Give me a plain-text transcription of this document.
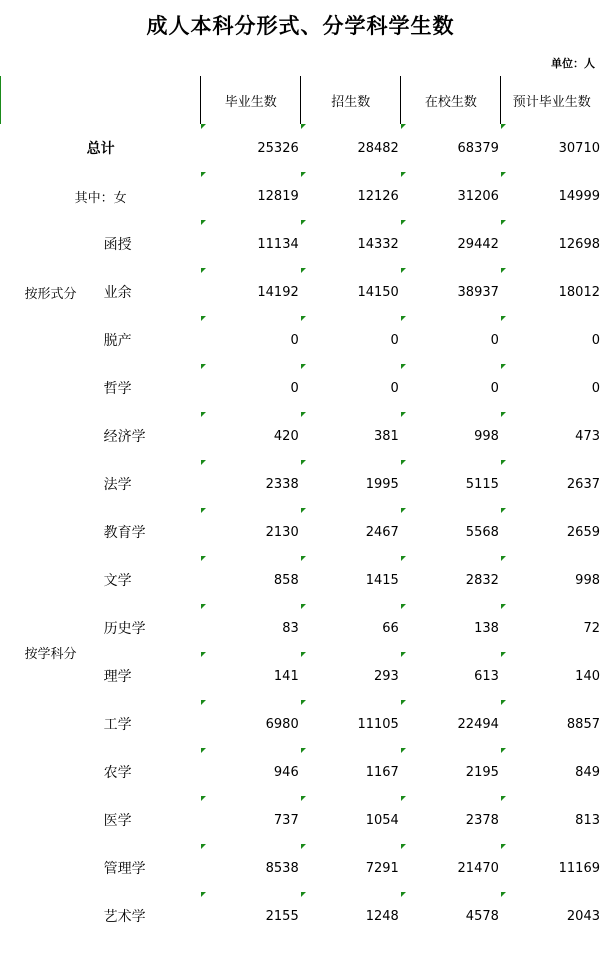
成人本科分形式、分学科学生数
单位：人
		毕业生数	招生数	在校生数	预计毕业生数
总计		25326	28482	68379	30710
其中：女		12819	12126	31206	14999
按形式分	函授	11134	14332	29442	12698
	业余	14192	14150	38937	18012
	脱产	0	0	0	0
按学科分	哲学	0	0	0	0
	经济学	420	381	998	473
	法学	2338	1995	5115	2637
	教育学	2130	2467	5568	2659
	文学	858	1415	2832	998
	历史学	83	66	138	72
	理学	141	293	613	140
	工学	6980	11105	22494	8857
	农学	946	1167	2195	849
	医学	737	1054	2378	813
	管理学	8538	7291	21470	11169
	艺术学	2155	1248	4578	2043
